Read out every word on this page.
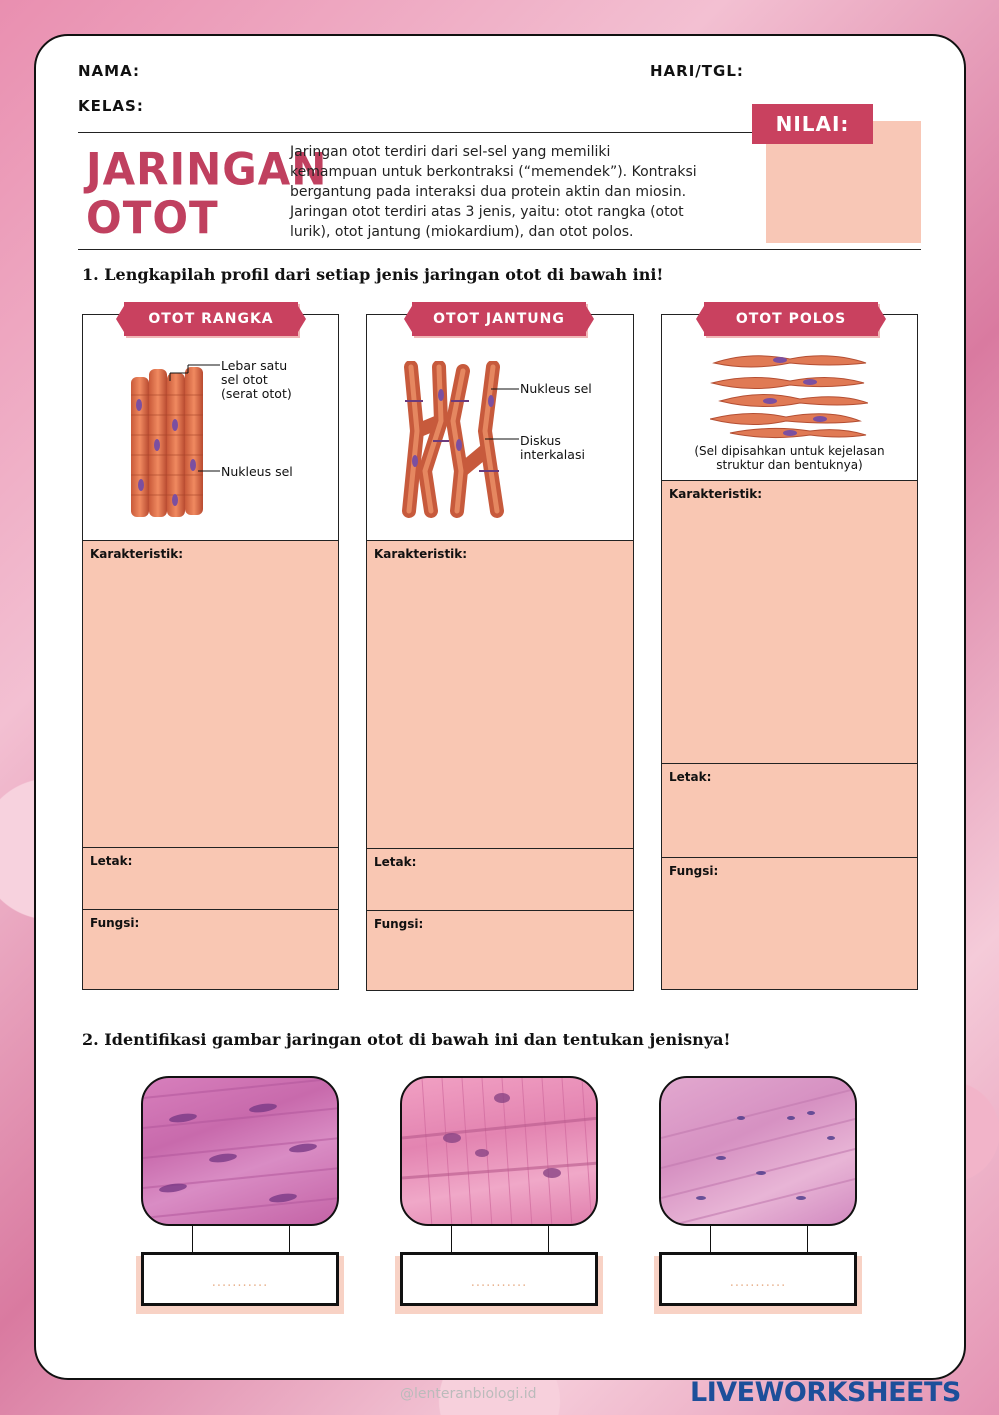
NAMA:	HARI/TGL:
KELAS:
NILAI:
JARINGAN
OTOT
Jaringan otot terdiri dari sel-sel yang memiliki
kemampuan untuk berkontraksi (“memendek”). Kontraksi
bergantung pada interaksi dua protein aktin dan miosin.
Jaringan otot terdiri atas 3 jenis, yaitu: otot rangka (otot
lurik), otot jantung (miokardium), dan otot polos.
1. Lengkapilah profil dari setiap jenis jaringan otot di bawah ini!
Lebar satu
sel otot
(serat otot)
Nukleus sel
Karakteristik:
Letak:
Fungsi:
OTOT RANGKA
Nukleus sel
Diskus
interkalasi
Karakteristik:
Letak:
Fungsi:
OTOT JANTUNG
(Sel dipisahkan untuk kejelasan
struktur dan bentuknya)
Karakteristik:
Letak:
Fungsi:
OTOT POLOS
2. Identifikasi gambar jaringan otot di bawah ini dan tentukan jenisnya!
...........	...........	...........
@lenteranbiologi.id	LIVEWORKSHEETS
